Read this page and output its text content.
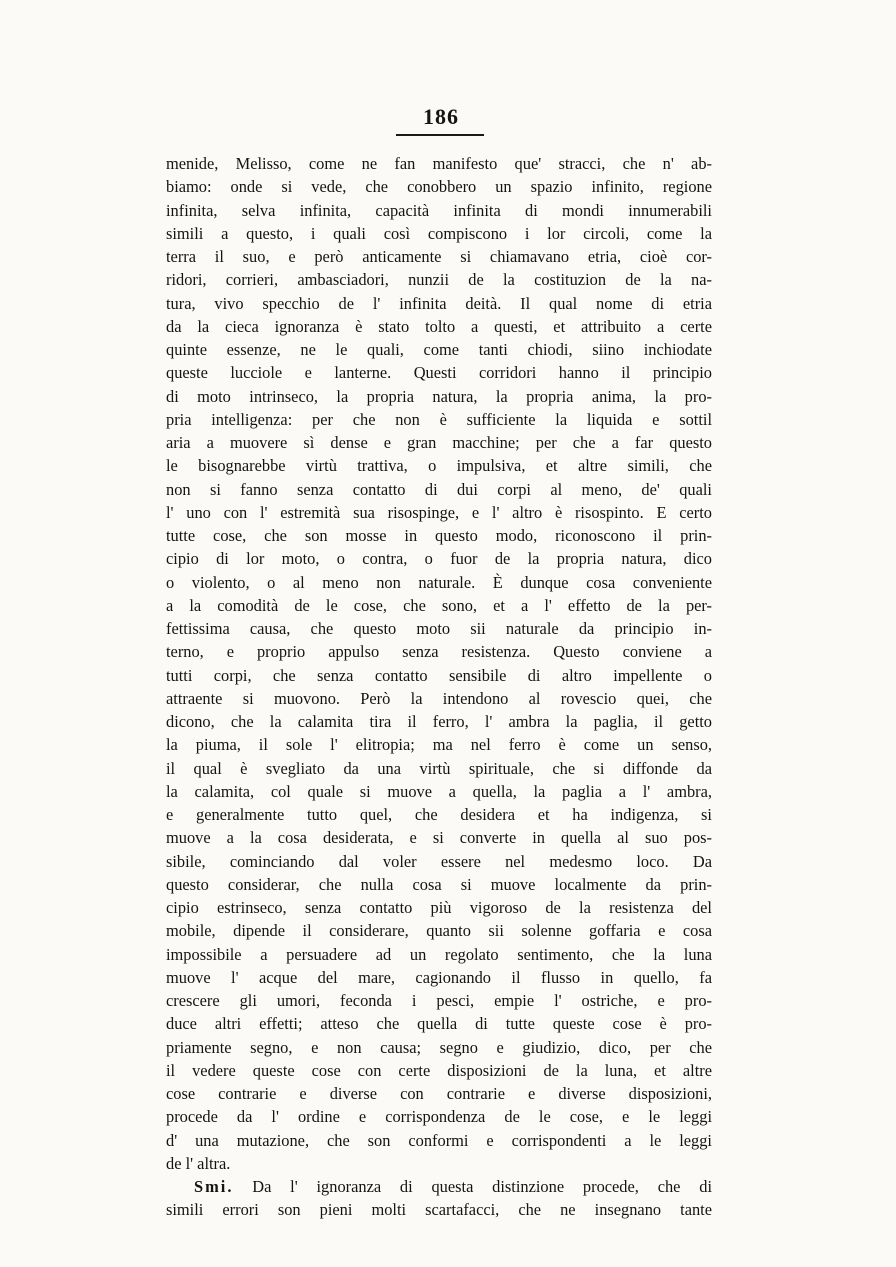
186
menide, Melisso, come ne fan manifesto que' stracci, che n' ab-
biamo: onde si vede, che conobbero un spazio infinito, regione
infinita, selva infinita, capacità infinita di mondi innumerabili
simili a questo, i quali così compiscono i lor circoli, come la
terra il suo, e però anticamente si chiamavano etria, cioè cor-
ridori, corrieri, ambasciadori, nunzii de la costituzion de la na-
tura, vivo specchio de l' infinita deità. Il qual nome di etria
da la cieca ignoranza è stato tolto a questi, et attribuito a certe
quinte essenze, ne le quali, come tanti chiodi, siino inchiodate
queste lucciole e lanterne. Questi corridori hanno il principio
di moto intrinseco, la propria natura, la propria anima, la pro-
pria intelligenza: per che non è sufficiente la liquida e sottil
aria a muovere sì dense e gran macchine; per che a far questo
le bisognarebbe virtù trattiva, o impulsiva, et altre simili, che
non si fanno senza contatto di dui corpi al meno, de' quali
l' uno con l' estremità sua risospinge, e l' altro è risospinto. E certo
tutte cose, che son mosse in questo modo, riconoscono il prin-
cipio di lor moto, o contra, o fuor de la propria natura, dico
o violento, o al meno non naturale. È dunque cosa conveniente
a la comodità de le cose, che sono, et a l' effetto de la per-
fettissima causa, che questo moto sii naturale da principio in-
terno, e proprio appulso senza resistenza. Questo conviene a
tutti corpi, che senza contatto sensibile di altro impellente o
attraente si muovono. Però la intendono al rovescio quei, che
dicono, che la calamita tira il ferro, l' ambra la paglia, il getto
la piuma, il sole l' elitropia; ma nel ferro è come un senso,
il qual è svegliato da una virtù spirituale, che si diffonde da
la calamita, col quale si muove a quella, la paglia a l' ambra,
e generalmente tutto quel, che desidera et ha indigenza, si
muove a la cosa desiderata, e si converte in quella al suo pos-
sibile, cominciando dal voler essere nel medesmo loco. Da
questo considerar, che nulla cosa si muove localmente da prin-
cipio estrinseco, senza contatto più vigoroso de la resistenza del
mobile, dipende il considerare, quanto sii solenne goffaria e cosa
impossibile a persuadere ad un regolato sentimento, che la luna
muove l' acque del mare, cagionando il flusso in quello, fa
crescere gli umori, feconda i pesci, empie l' ostriche, e pro-
duce altri effetti; atteso che quella di tutte queste cose è pro-
priamente segno, e non causa; segno e giudizio, dico, per che
il vedere queste cose con certe disposizioni de la luna, et altre
cose contrarie e diverse con contrarie e diverse disposizioni,
procede da l' ordine e corrispondenza de le cose, e le leggi
d' una mutazione, che son conformi e corrispondenti a le leggi
de l' altra.
Smi. Da l' ignoranza di questa distinzione procede, che di
simili errori son pieni molti scartafacci, che ne insegnano tante
